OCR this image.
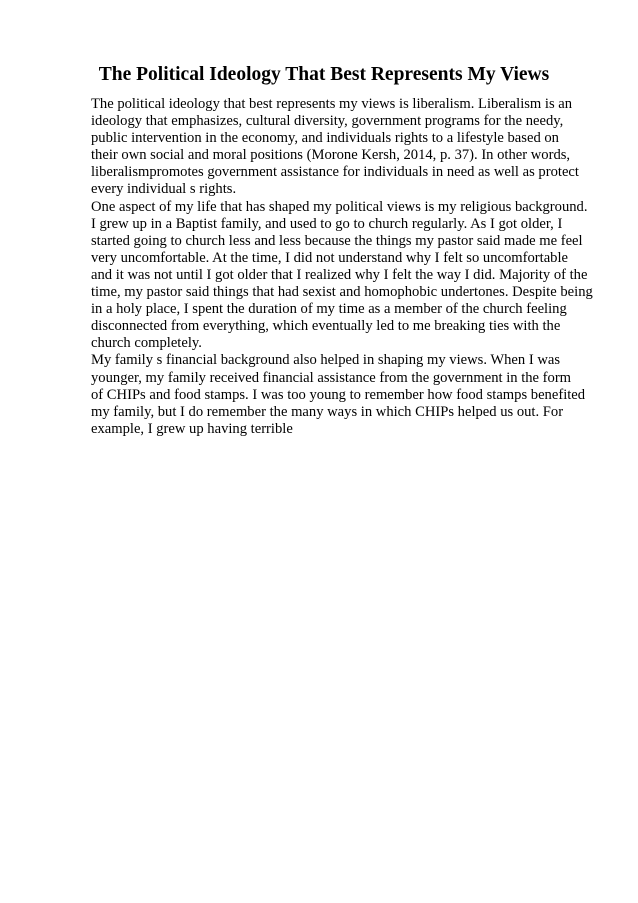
The Political Ideology That Best Represents My Views

The political ideology that best represents my views is liberalism. Liberalism is an
ideology that emphasizes, cultural diversity, government programs for the needy,
public intervention in the economy, and individuals rights to a lifestyle based on
their own social and moral positions (Morone Kersh, 2014, p. 37). In other words,
liberalismpromotes government assistance for individuals in need as well as protect
every individual s rights.

One aspect of my life that has shaped my political views is my religious background.
I grew up in a Baptist family, and used to go to church regularly. As I got older, I
started going to church less and less because the things my pastor said made me feel
very uncomfortable. At the time, I did not understand why I felt so uncomfortable
and it was not until I got older that I realized why I felt the way I did. Majority of the
time, my pastor said things that had sexist and homophobic undertones. Despite being
in a holy place, I spent the duration of my time as a member of the church feeling
disconnected from everything, which eventually led to me breaking ties with the
church completely.

My family s financial background also helped in shaping my views. When I was
younger, my family received financial assistance from the government in the form
of CHIPs and food stamps. I was too young to remember how food stamps benefited
my family, but I do remember the many ways in which CHIPs helped us out. For
example, I grew up having terrible
